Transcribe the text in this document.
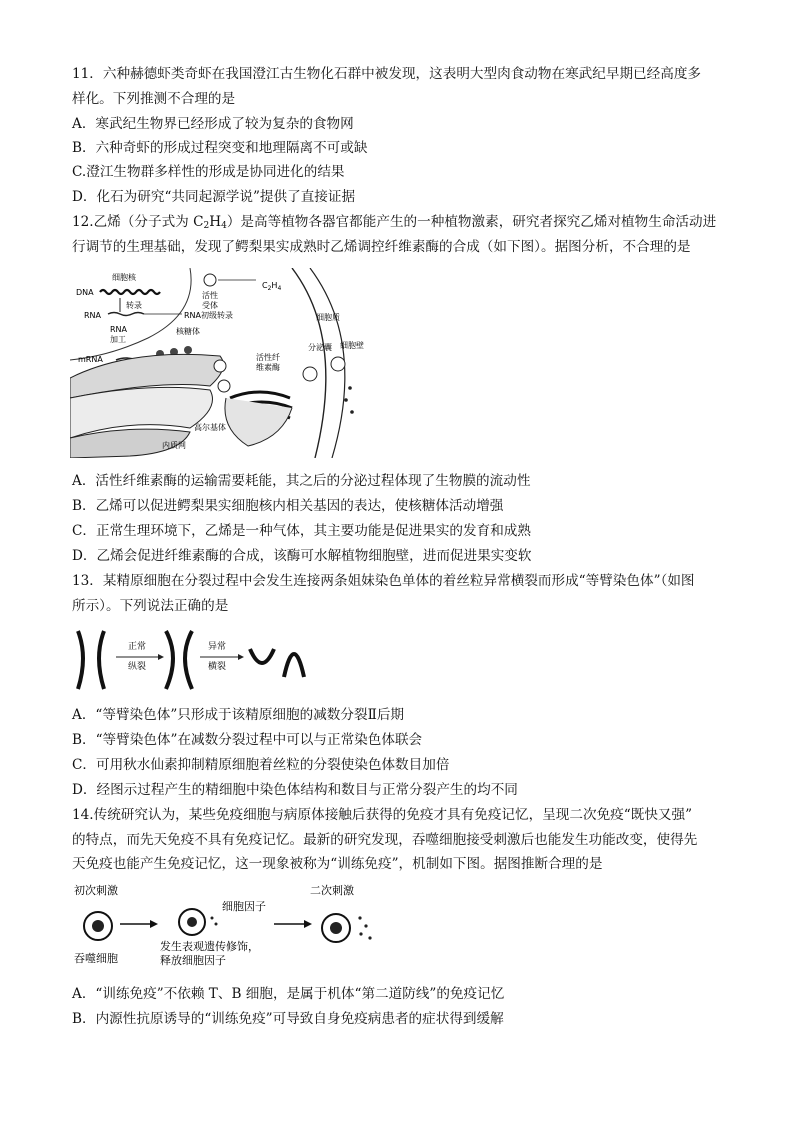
11．六种赫德虾类奇虾在我国澄江古生物化石群中被发现，这表明大型肉食动物在寒武纪早期已经高度多
样化。下列推测不合理的是
A．寒武纪生物界已经形成了较为复杂的食物网
B．六种奇虾的形成过程突变和地理隔离不可或缺
C.澄江生物群多样性的形成是协同进化的结果
D．化石为研究“共同起源学说”提供了直接证据
12.乙烯（分子式为 $C_2H_4$）是高等植物各器官都能产生的一种植物激素，研究者探究乙烯对植物生命活动进
行调节的生理基础，发现了鳄梨果实成熟时乙烯调控纤维素酶的合成（如下图）。据图分析，不合理的是
细胞核
DNA
转录
RNA	RNA初级转录
RNA
加工
核糖体
mRNA
活性
受体
$C_2H_4$
细胞质
分泌囊 细胞壁
活性纤
维素酶
高尔基体
内质网
A．活性纤维素酶的运输需要耗能，其之后的分泌过程体现了生物膜的流动性
B．乙烯可以促进鳄梨果实细胞核内相关基因的表达，使核糖体活动增强
C．正常生理环境下，乙烯是一种气体，其主要功能是促进果实的发育和成熟
D．乙烯会促进纤维素酶的合成，该酶可水解植物细胞壁，进而促进果实变软
13．某精原细胞在分裂过程中会发生连接两条姐妹染色单体的着丝粒异常横裂而形成“等臂染色体”（如图
所示）。下列说法正确的是
正常
纵裂
异常
横裂
A．“等臂染色体”只形成于该精原细胞的减数分裂Ⅱ后期
B．“等臂染色体”在减数分裂过程中可以与正常染色体联会
C．可用秋水仙素抑制精原细胞着丝粒的分裂使染色体数目加倍
D．经图示过程产生的精细胞中染色体结构和数目与正常分裂产生的均不同
14.传统研究认为，某些免疫细胞与病原体接触后获得的免疫才具有免疫记忆，呈现二次免疫“既快又强”
的特点，而先天免疫不具有免疫记忆。最新的研究发现，吞噬细胞接受刺激后也能发生功能改变，使得先
天免疫也能产生免疫记忆，这一现象被称为“训练免疫”，机制如下图。据图推断合理的是
初次刺激
吞噬细胞
细胞因子
发生表观遗传修饰，
释放细胞因子
二次刺激
A．“训练免疫”不依赖 T、B 细胞，是属于机体“第二道防线”的免疫记忆
B．内源性抗原诱导的“训练免疫”可导致自身免疫病患者的症状得到缓解
